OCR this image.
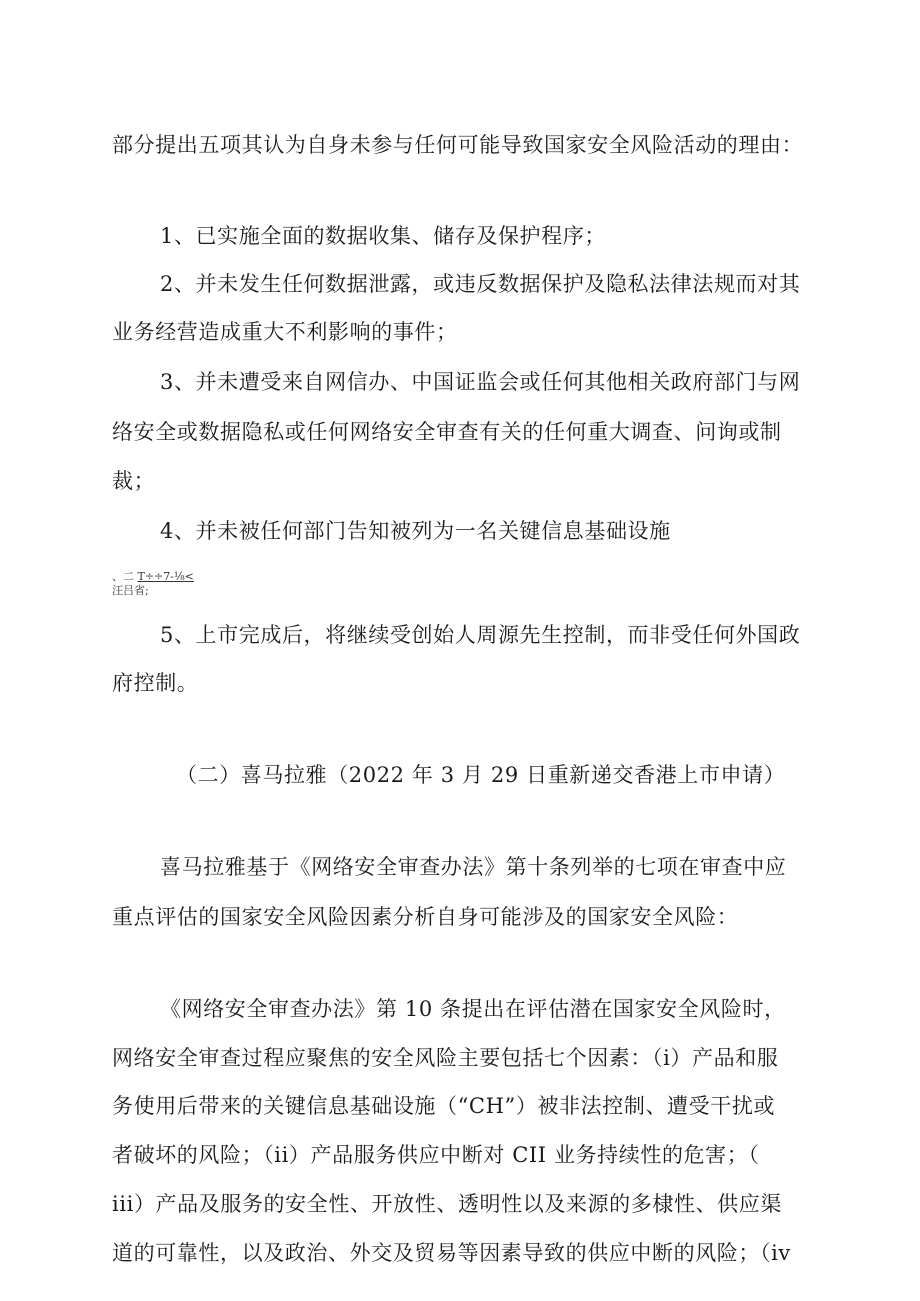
部分提出五项其认为自身未参与任何可能导致国家安全风险活动的理由：
1、已实施全面的数据收集、储存及保护程序；
2、并未发生任何数据泄露，或违反数据保护及隐私法律法规而对其
业务经营造成重大不利影响的事件；
3、并未遭受来自网信办、中国证监会或任何其他相关政府部门与网
络安全或数据隐私或任何网络安全审查有关的任何重大调查、问询或制
裁；
4、并未被任何部门告知被列为一名关键信息基础设施
、二 T÷÷7-⅛<
汪吕省;
5、上市完成后，将继续受创始人周源先生控制，而非受任何外国政
府控制。
（二）喜马拉雅（2022 年 3 月 29 日重新递交香港上市申请）
喜马拉雅基于《网络安全审查办法》第十条列举的七项在审查中应
重点评估的国家安全风险因素分析自身可能涉及的国家安全风险：
《网络安全审查办法》第 10 条提出在评估潜在国家安全风险时，
网络安全审查过程应聚焦的安全风险主要包括七个因素：（i）产品和服
务使用后带来的关键信息基础设施（“CH”）被非法控制、遭受干扰或
者破坏的风险；（ii）产品服务供应中断对 CII 业务持续性的危害；（
iii）产品及服务的安全性、开放性、透明性以及来源的多棣性、供应渠
道的可靠性，以及政治、外交及贸易等因素导致的供应中断的风险；（iv
